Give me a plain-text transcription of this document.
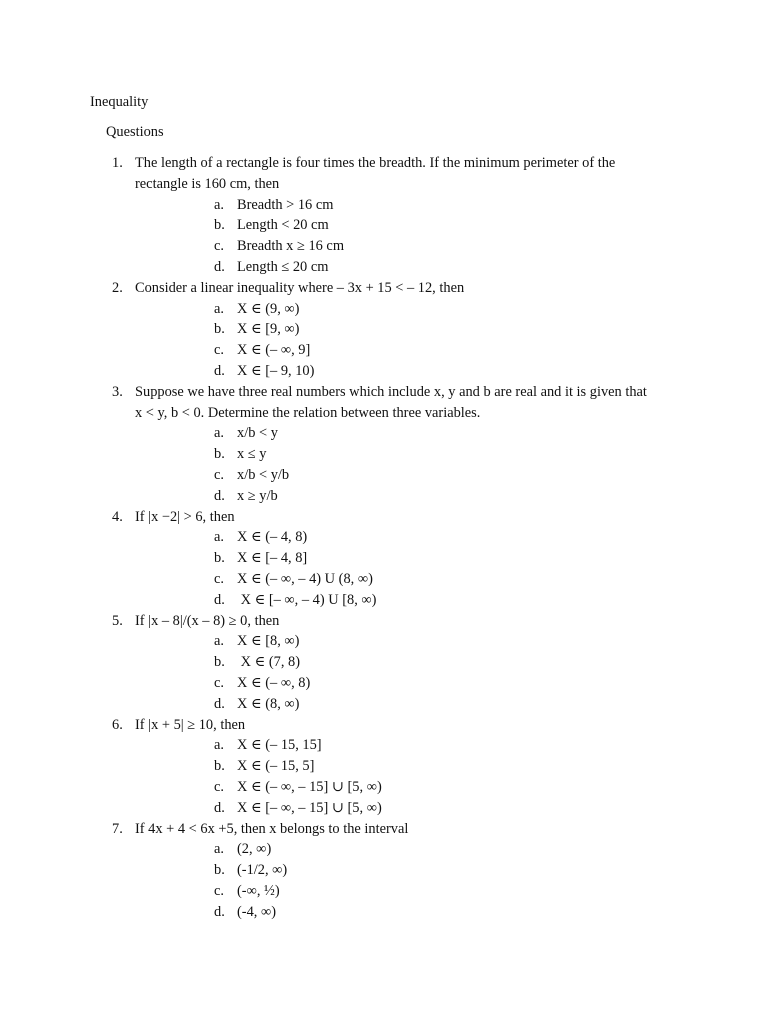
Inequality
Questions
1. The length of a rectangle is four times the breadth. If the minimum perimeter of the
rectangle is 160 cm, then
a. Breadth > 16 cm
b. Length < 20 cm
c. Breadth x ≥ 16 cm
d. Length ≤ 20 cm
2. Consider a linear inequality where – 3x + 15 < – 12, then
a. X ∈ (9, ∞)
b. X ∈ [9, ∞)
c. X ∈ (– ∞, 9]
d. X ∈ [– 9, 10)
3. Suppose we have three real numbers which include x, y and b are real and it is given that
x < y, b < 0. Determine the relation between three variables.
a. x/b < y
b. x ≤ y
c. x/b < y/b
d. x ≥ y/b
4. If |x −2| > 6, then
a. X ∈ (– 4, 8)
b. X ∈ [– 4, 8]
c. X ∈ (– ∞, – 4) U (8, ∞)
d. X ∈ [– ∞, – 4) U [8, ∞)
5. If |x – 8|/(x – 8) ≥ 0, then
a. X ∈ [8, ∞)
b. X ∈ (7, 8)
c. X ∈ (– ∞, 8)
d. X ∈ (8, ∞)
6. If |x + 5| ≥ 10, then
a. X ∈ (– 15, 15]
b. X ∈ (– 15, 5]
c. X ∈ (– ∞, – 15] ∪ [5, ∞)
d. X ∈ [– ∞, – 15] ∪ [5, ∞)
7. If 4x + 4 < 6x +5, then x belongs to the interval
a. (2, ∞)
b. (-1/2, ∞)
c. (-∞, ½)
d. (-4, ∞)
